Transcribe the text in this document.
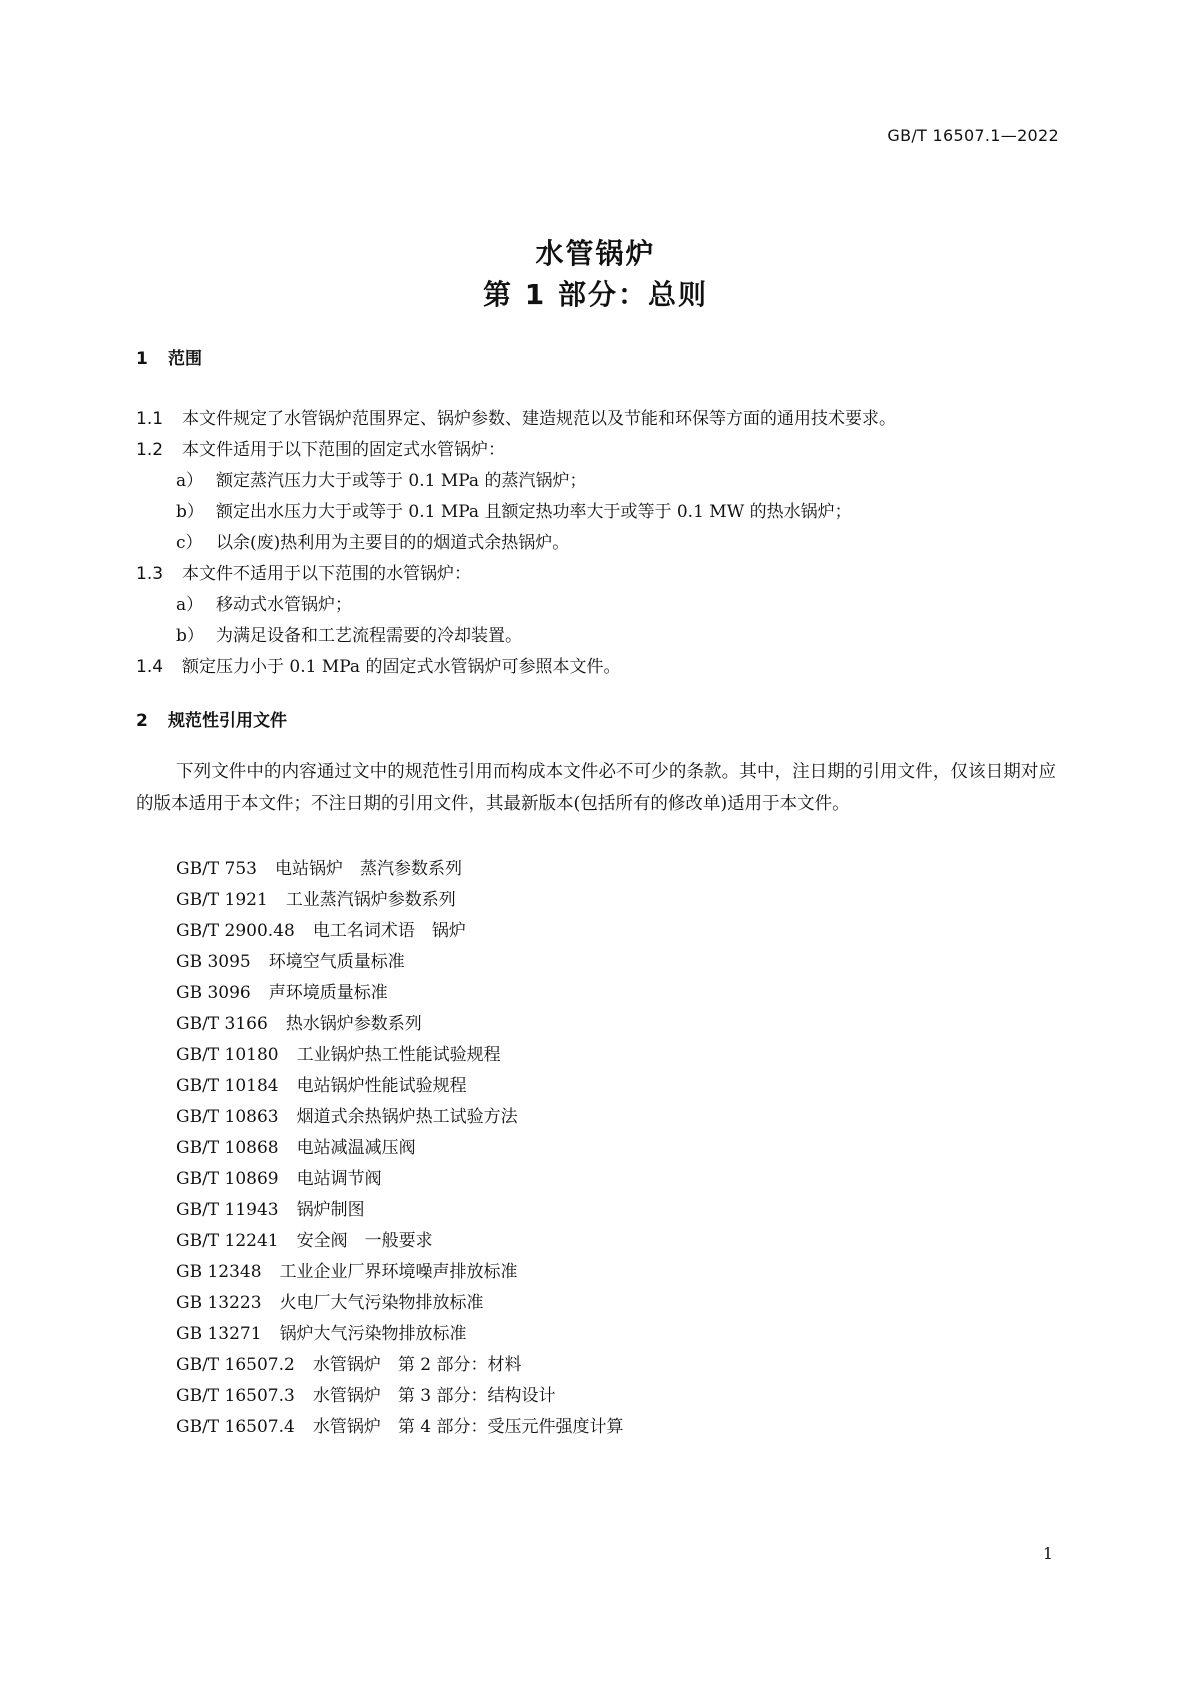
GB/T 16507.1—2022
水管锅炉
第 1 部分：总则
1 范围
1.1 本文件规定了水管锅炉范围界定、锅炉参数、建造规范以及节能和环保等方面的通用技术要求。
1.2 本文件适用于以下范围的固定式水管锅炉：
a） 额定蒸汽压力大于或等于 0.1 MPa 的蒸汽锅炉；
b） 额定出水压力大于或等于 0.1 MPa 且额定热功率大于或等于 0.1 MW 的热水锅炉；
c） 以余(废)热利用为主要目的的烟道式余热锅炉。
1.3 本文件不适用于以下范围的水管锅炉：
a） 移动式水管锅炉；
b） 为满足设备和工艺流程需要的冷却装置。
1.4 额定压力小于 0.1 MPa 的固定式水管锅炉可参照本文件。
2 规范性引用文件
下列文件中的内容通过文中的规范性引用而构成本文件必不可少的条款。其中，注日期的引用文件，仅该日期对应的版本适用于本文件；不注日期的引用文件，其最新版本(包括所有的修改单)适用于本文件。
GB/T 753 电站锅炉　蒸汽参数系列
GB/T 1921 工业蒸汽锅炉参数系列
GB/T 2900.48 电工名词术语　锅炉
GB 3095 环境空气质量标准
GB 3096 声环境质量标准
GB/T 3166 热水锅炉参数系列
GB/T 10180 工业锅炉热工性能试验规程
GB/T 10184 电站锅炉性能试验规程
GB/T 10863 烟道式余热锅炉热工试验方法
GB/T 10868 电站减温减压阀
GB/T 10869 电站调节阀
GB/T 11943 锅炉制图
GB/T 12241 安全阀　一般要求
GB 12348 工业企业厂界环境噪声排放标准
GB 13223 火电厂大气污染物排放标准
GB 13271 锅炉大气污染物排放标准
GB/T 16507.2 水管锅炉　第 2 部分：材料
GB/T 16507.3 水管锅炉　第 3 部分：结构设计
GB/T 16507.4 水管锅炉　第 4 部分：受压元件强度计算
1
